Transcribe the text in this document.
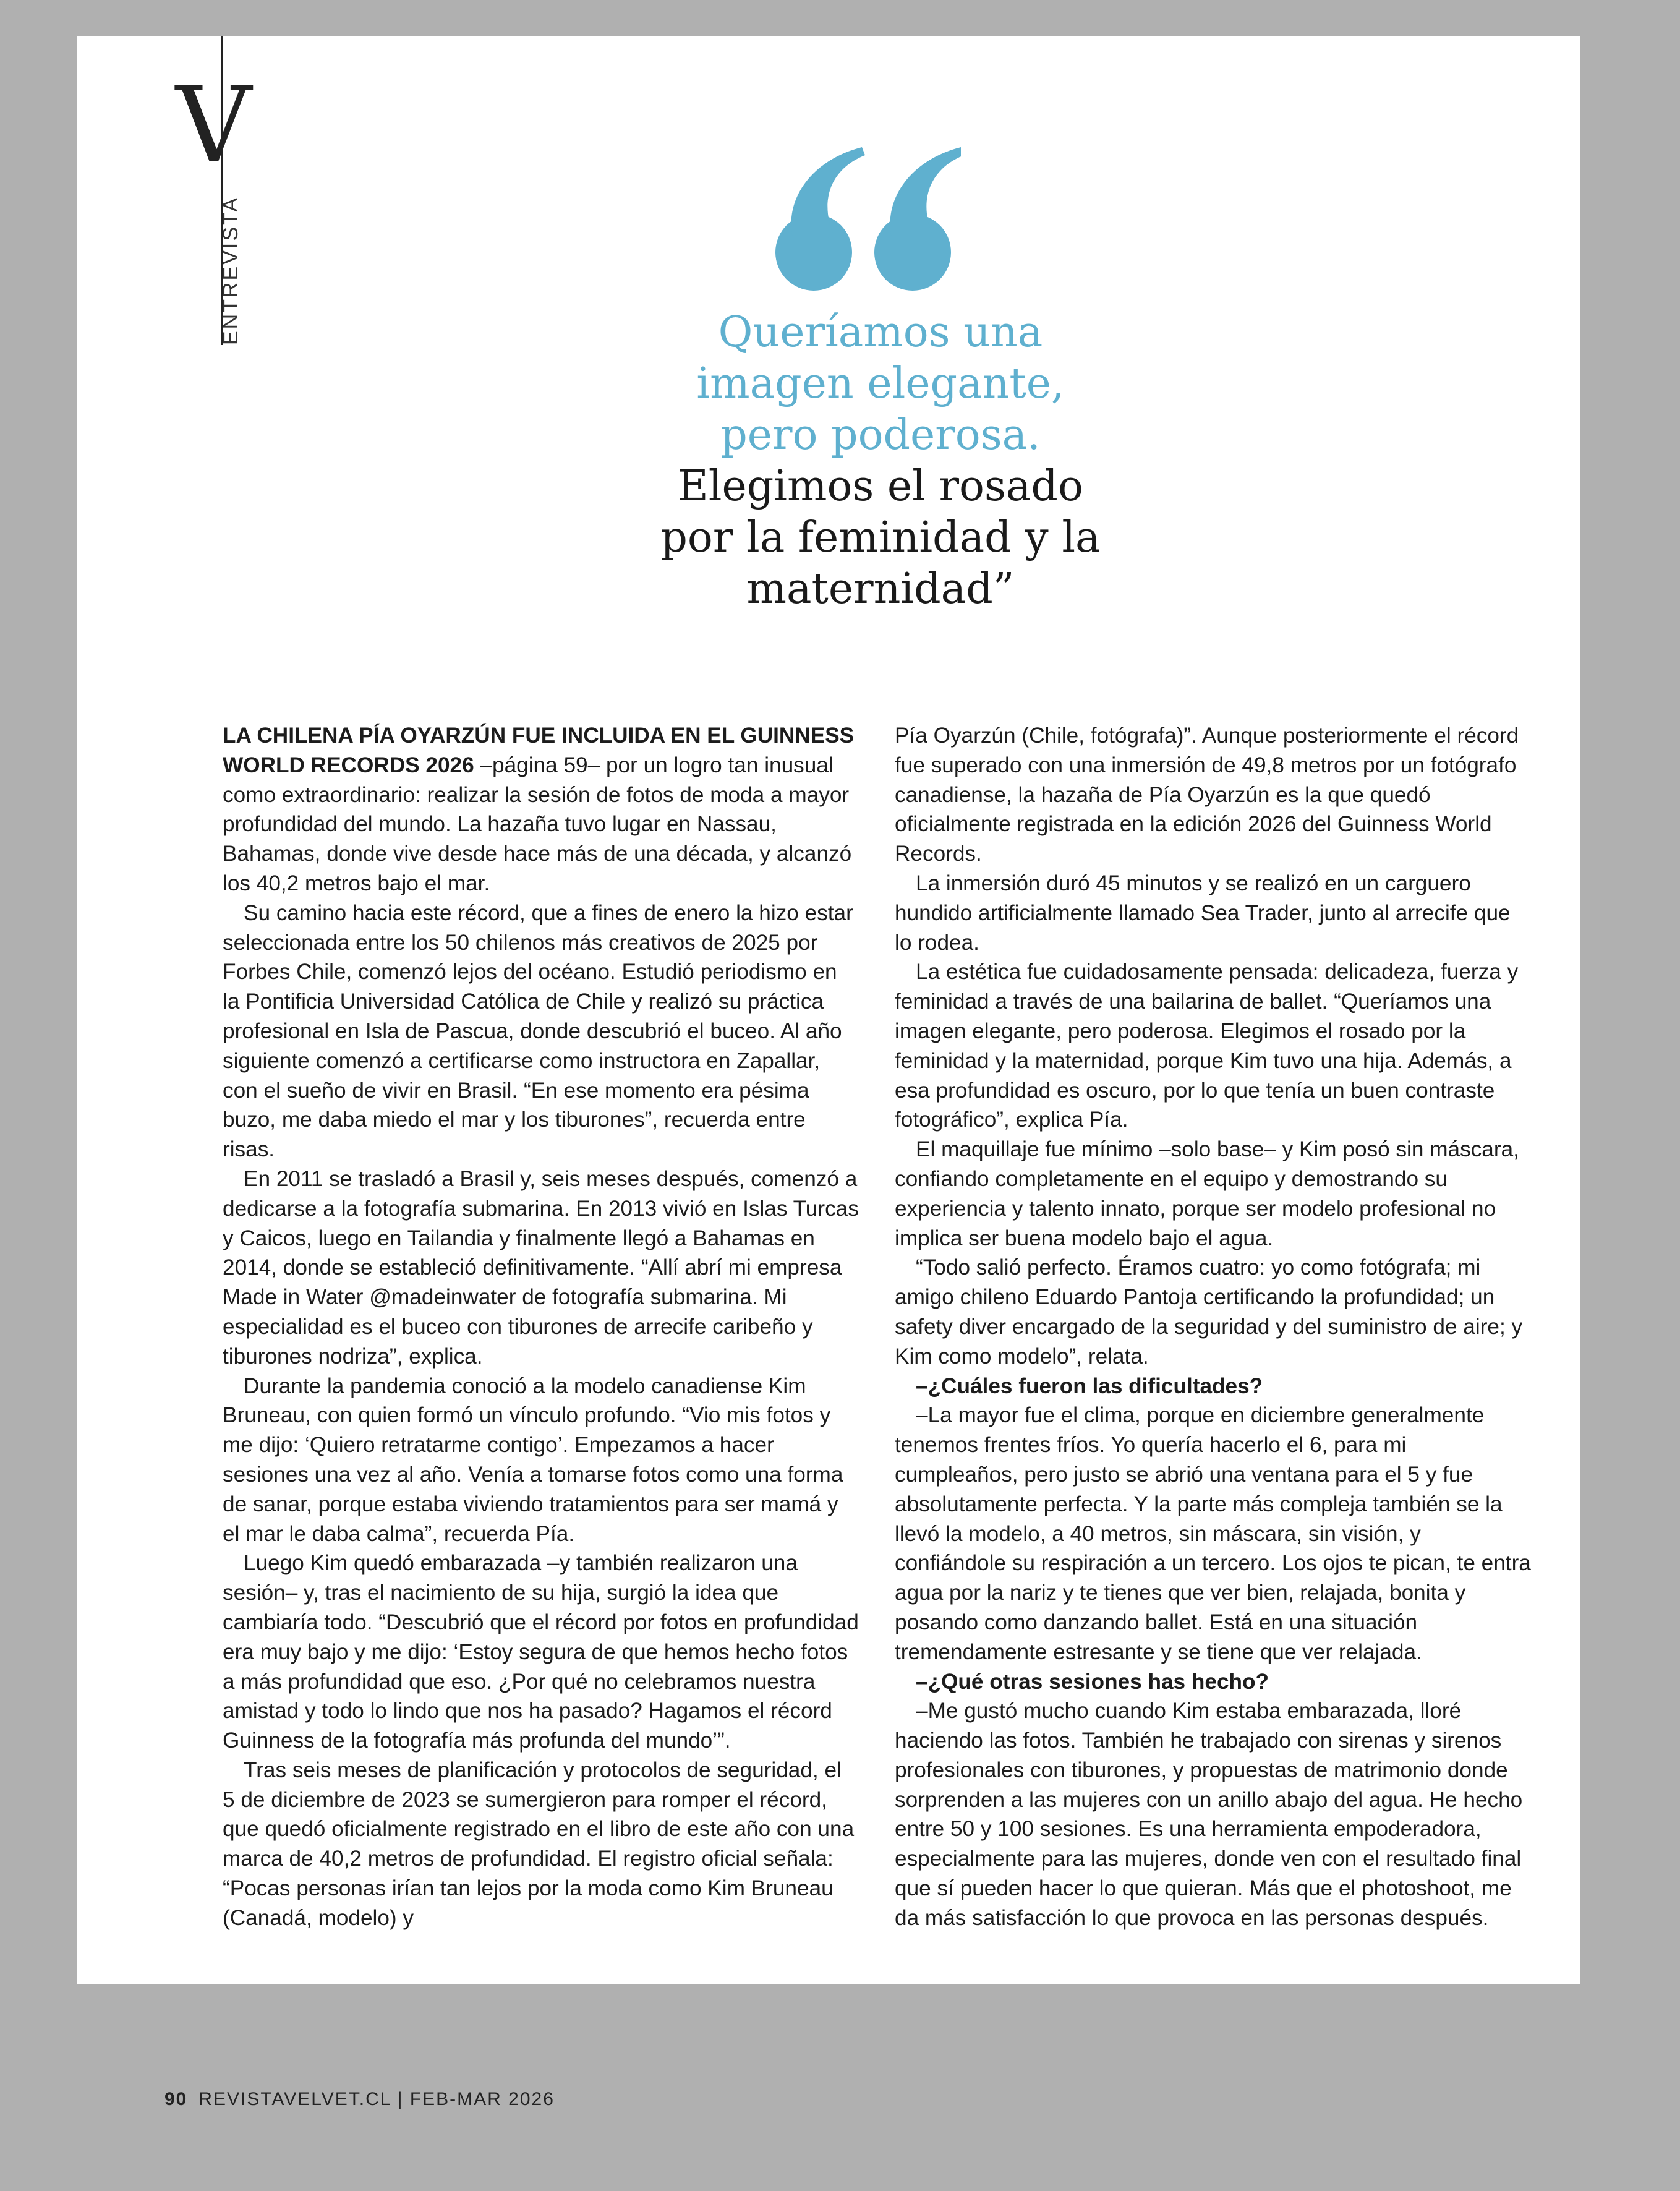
V
ENTREVISTA	Queríamos una
imagen elegante,
pero poderosa.
Elegimos el rosado
por la feminidad y la
maternidad”

LA CHILENA PÍA OYARZÚN FUE INCLUIDA EN EL GUINNESS WORLD RECORDS 2026 –página 59– por un logro tan inusual como extraordinario: realizar la sesión de fotos de moda a mayor profundidad del mundo. La hazaña tuvo lugar en Nassau, Bahamas, donde vive desde hace más de una década, y alcanzó los 40,2 metros bajo el mar.

Su camino hacia este récord, que a fines de enero la hizo estar seleccionada entre los 50 chilenos más creativos de 2025 por Forbes Chile, comenzó lejos del océano. Estudió periodismo en la Pontificia Universidad Católica de Chile y realizó su práctica profesional en Isla de Pascua, donde descubrió el buceo. Al año siguiente comenzó a certificarse como instructora en Zapallar, con el sueño de vivir en Brasil. “En ese momento era pésima buzo, me daba miedo el mar y los tiburones”, recuerda entre risas.

En 2011 se trasladó a Brasil y, seis meses después, comenzó a dedicarse a la fotografía submarina. En 2013 vivió en Islas Turcas y Caicos, luego en Tailandia y finalmente llegó a Bahamas en 2014, donde se estableció definitivamente. “Allí abrí mi empresa Made in Water @madeinwater de fotografía submarina. Mi especialidad es el buceo con tiburones de arrecife caribeño y tiburones nodriza”, explica.

Durante la pandemia conoció a la modelo canadiense Kim Bruneau, con quien formó un vínculo profundo. “Vio mis fotos y me dijo: ‘Quiero retratarme contigo’. Empezamos a hacer sesiones una vez al año. Venía a tomarse fotos como una forma de sanar, porque estaba viviendo tratamientos para ser mamá y el mar le daba calma”, recuerda Pía.

Luego Kim quedó embarazada –y también realizaron una sesión– y, tras el nacimiento de su hija, surgió la idea que cambiaría todo. “Descubrió que el récord por fotos en profundidad era muy bajo y me dijo: ‘Estoy segura de que hemos hecho fotos a más profundidad que eso. ¿Por qué no celebramos nuestra amistad y todo lo lindo que nos ha pasado? Hagamos el récord Guinness de la fotografía más profunda del mundo’”.

Tras seis meses de planificación y protocolos de seguridad, el 5 de diciembre de 2023 se sumergieron para romper el récord, que quedó oficialmente registrado en el libro de este año con una marca de 40,2 metros de profundidad. El registro oficial señala: “Pocas personas irían tan lejos por la moda como Kim Bruneau (Canadá, modelo) y

Pía Oyarzún (Chile, fotógrafa)”. Aunque posteriormente el récord fue superado con una inmersión de 49,8 metros por un fotógrafo canadiense, la hazaña de Pía Oyarzún es la que quedó oficialmente registrada en la edición 2026 del Guinness World Records.

La inmersión duró 45 minutos y se realizó en un carguero hundido artificialmente llamado Sea Trader, junto al arrecife que lo rodea.

La estética fue cuidadosamente pensada: delicadeza, fuerza y feminidad a través de una bailarina de ballet. “Queríamos una imagen elegante, pero poderosa. Elegimos el rosado por la feminidad y la maternidad, porque Kim tuvo una hija. Además, a esa profundidad es oscuro, por lo que tenía un buen contraste fotográfico”, explica Pía.

El maquillaje fue mínimo –solo base– y Kim posó sin máscara, confiando completamente en el equipo y demostrando su experiencia y talento innato, porque ser modelo profesional no implica ser buena modelo bajo el agua.

“Todo salió perfecto. Éramos cuatro: yo como fotógrafa; mi amigo chileno Eduardo Pantoja certificando la profundidad; un safety diver encargado de la seguridad y del suministro de aire; y Kim como modelo”, relata.

–¿Cuáles fueron las dificultades?

–La mayor fue el clima, porque en diciembre generalmente tenemos frentes fríos. Yo quería hacerlo el 6, para mi cumpleaños, pero justo se abrió una ventana para el 5 y fue absolutamente perfecta. Y la parte más compleja también se la llevó la modelo, a 40 metros, sin máscara, sin visión, y confiándole su respiración a un tercero. Los ojos te pican, te entra agua por la nariz y te tienes que ver bien, relajada, bonita y posando como danzando ballet. Está en una situación tremendamente estresante y se tiene que ver relajada.

–¿Qué otras sesiones has hecho?

–Me gustó mucho cuando Kim estaba embarazada, lloré haciendo las fotos. También he trabajado con sirenas y sirenos profesionales con tiburones, y propuestas de matrimonio donde sorprenden a las mujeres con un anillo abajo del agua. He hecho entre 50 y 100 sesiones. Es una herramienta empoderadora, especialmente para las mujeres, donde ven con el resultado final que sí pueden hacer lo que quieran. Más que el photoshoot, me da más satisfacción lo que provoca en las personas después.

90 REVISTAVELVET.CL | FEB-MAR 2026
